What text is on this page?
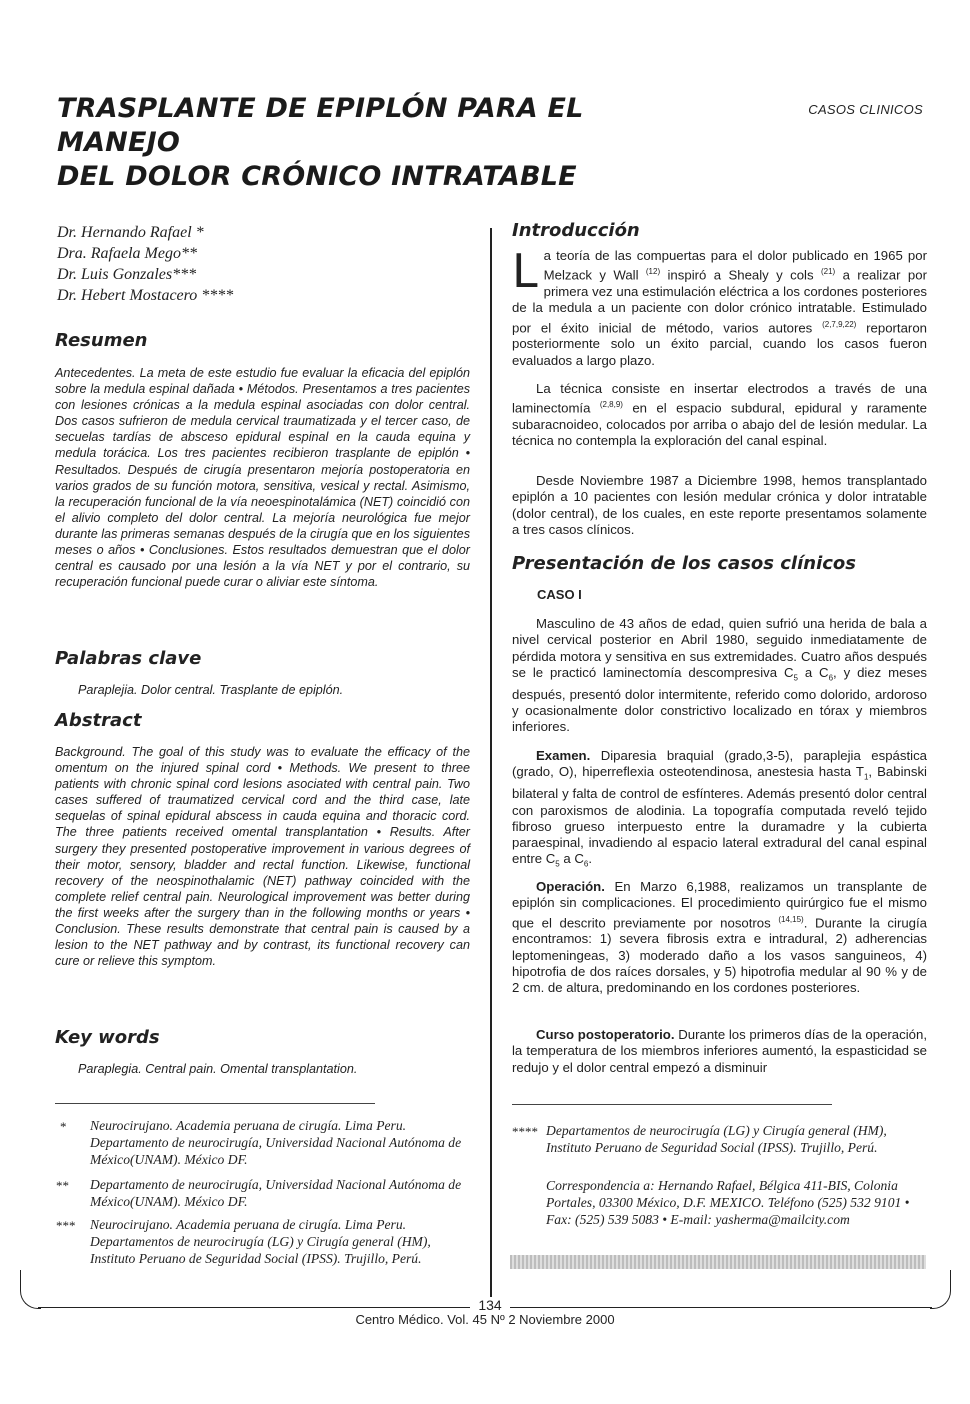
TRASPLANTE DE EPIPLÓN PARA EL MANEJO
DEL DOLOR CRÓNICO INTRATABLE
CASOS CLINICOS
Dr. Hernando Rafael *
Dra. Rafaela Mego**
Dr. Luis Gonzales***
Dr. Hebert Mostacero ****
Resumen

Antecedentes. La meta de este estudio fue evaluar la eficacia del epiplón sobre la medula espinal dañada • Métodos. Presentamos a tres pacientes con lesiones crónicas a la medula espinal asociadas con dolor central. Dos casos sufrieron de medula cervical traumatizada y el tercer caso, de secuelas tardías de absceso epidural espinal en la cauda equina y medula torácica. Los tres pacientes recibieron trasplante de epiplón • Resultados. Después de cirugía presentaron mejoría postoperatoria en varios grados de su función motora, sensitiva, vesical y rectal. Asimismo, la recuperación funcional de la vía neoespinotalámica (NET) coincidió con el alivio completo del dolor central. La mejoría neurológica fue mejor durante las primeras semanas después de la cirugía que en los siguientes meses o años • Conclusiones. Estos resultados demuestran que el dolor central es causado por una lesión a la vía NET y por el contrario, su recuperación funcional puede curar o aliviar este síntoma.

Palabras clave

Paraplejia. Dolor central. Trasplante de epiplón.

Abstract

Background. The goal of this study was to evaluate the efficacy of the omentum on the injured spinal cord • Methods. We present to three patients with chronic spinal cord lesions asociated with central pain. Two cases suffered of traumatized cervical cord and the third case, late sequelas of spinal epidural abscess in cauda equina and thoracic cord. The three patients received omental transplantation • Results. After surgery they presented postoperative improvement in various degrees of their motor, sensory, bladder and rectal function. Likewise, functional recovery of the neospinothalamic (NET) pathway coincided with the complete relief central pain. Neurological improvement was better during the first weeks after the surgery than in the following months or years • Conclusion. These results demonstrate that central pain is caused by a lesion to the NET pathway and by contrast, its functional recovery can cure or relieve this symptom.

Key words

Paraplegia. Central pain. Omental transplantation.

* Neurocirujano. Academia peruana de cirugía. Lima Peru. Departamento de neurocirugía, Universidad Nacional Autónoma de México(UNAM). México DF.

** Departamento de neurocirugía, Universidad Nacional Autónoma de México(UNAM). México DF.

*** Neurocirujano. Academia peruana de cirugía. Lima Peru. Departamentos de neurocirugía (LG) y Cirugía general (HM), Instituto Peruano de Seguridad Social (IPSS). Trujillo, Perú.

Introducción

La teoría de las compuertas para el dolor publicado en 1965 por Melzack y Wall $^{(12)}$ inspiró a Shealy y cols $^{(21)}$ a realizar por primera vez una estimulación eléctrica a los cordones posteriores de la medula a un paciente con dolor crónico intratable. Estimulado por el éxito inicial de método, varios autores $^{(2,7,9,22)}$ reportaron posteriormente solo un éxito parcial, cuando los casos fueron evaluados a largo plazo.

La técnica consiste en insertar electrodos a través de una laminectomía $^{(2,8,9)}$ en el espacio subdural, epidural y raramente subaracnoideo, colocados por arriba o abajo del de lesión medular. La técnica no contempla la exploración del canal espinal.

Desde Noviembre 1987 a Diciembre 1998, hemos transplantado epiplón a 10 pacientes con lesión medular crónica y dolor intratable (dolor central), de los cuales, en este reporte presentamos solamente a tres casos clínicos.

Presentación de los casos clínicos
CASO I

Masculino de 43 años de edad, quien sufrió una herida de bala a nivel cervical posterior en Abril 1980, seguido inmediatamente de pérdida motora y sensitiva en sus extremidades. Cuatro años después se le practicó laminectomía descompresiva $C_5$ a $C_6$, y diez meses después, presentó dolor intermitente, referido como dolorido, ardoroso y ocasionalmente dolor constrictivo localizado en tórax y miembros inferiores.

Examen. Diparesia braquial (grado,3-5), paraplejia espástica (grado, O), hiperreflexia osteotendinosa, anestesia hasta $T_1$, Babinski bilateral y falta de control de esfínteres. Además presentó dolor central con paroxismos de alodinia. La topografía computada reveló tejido fibroso grueso interpuesto entre la duramadre y la cubierta paraespinal, invadiendo al espacio lateral extradural del canal espinal entre $C_5$ a $C_6$.

Operación. En Marzo 6,1988, realizamos un transplante de epiplón sin complicaciones. El procedimiento quirúrgico fue el mismo que el descrito previamente por nosotros $^{(14,15)}$. Durante la cirugía encontramos: 1) severa fibrosis extra e intradural, 2) adherencias leptomeningeas, 3) moderado daño a los vasos sanguineos, 4) hipotrofia de dos raíces dorsales, y 5) hipotrofia medular al 90 % y de 2 cm. de altura, predominando en los cordones posteriores.

Curso postoperatorio. Durante los primeros días de la operación, la temperatura de los miembros inferiores aumentó, la espasticidad se redujo y el dolor central empezó a disminuir

**** Departamentos de neurocirugía (LG) y Cirugía general (HM), Instituto Peruano de Seguridad Social (IPSS). Trujillo, Perú.

Correspondencia a: Hernando Rafael, Bélgica 411-BIS, Colonia Portales, 03300 México, D.F. MEXICO. Teléfono (525) 532 9101 • Fax: (525) 539 5083 • E-mail: yasherma@mailcity.com

134
Centro Médico. Vol. 45 Nº 2 Noviembre 2000
